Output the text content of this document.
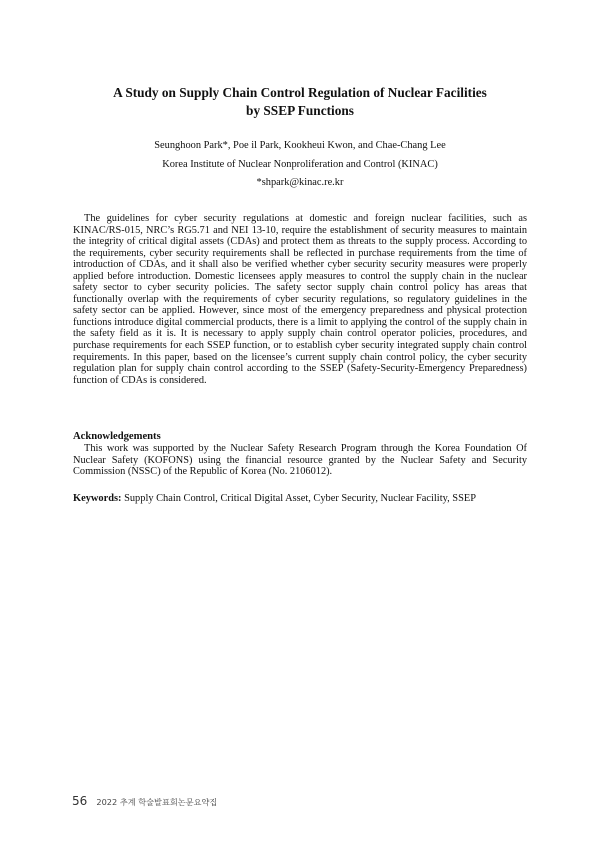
A Study on Supply Chain Control Regulation of Nuclear Facilities
by SSEP Functions
Seunghoon Park*, Poe il Park, Kookheui Kwon, and Chae-Chang Lee
Korea Institute of Nuclear Nonproliferation and Control (KINAC)
*shpark@kinac.re.kr

The guidelines for cyber security regulations at domestic and foreign nuclear facilities, such as KINAC/RS-015, NRC’s RG5.71 and NEI 13-10, require the establishment of security measures to maintain the integrity of critical digital assets (CDAs) and protect them as threats to the supply process. According to the requirements, cyber security requirements shall be reflected in purchase requirements from the time of introduction of CDAs, and it shall also be verified whether cyber security security measures were properly applied before introduction. Domestic licensees apply measures to control the supply chain in the nuclear safety sector to cyber security policies. The safety sector supply chain control policy has areas that functionally overlap with the requirements of cyber security regulations, so regulatory guidelines in the safety sector can be applied. However, since most of the emergency preparedness and physical protection functions introduce digital commercial products, there is a limit to applying the control of the supply chain in the safety field as it is. It is necessary to apply supply chain control operator policies, procedures, and purchase requirements for each SSEP function, or to establish cyber security integrated supply chain control requirements. In this paper, based on the licensee’s current supply chain control policy, the cyber security regulation plan for supply chain control according to the SSEP (Safety-Security-Emergency Preparedness) function of CDAs is considered.

Acknowledgements

This work was supported by the Nuclear Safety Research Program through the Korea Foundation Of Nuclear Safety (KOFONS) using the financial resource granted by the Nuclear Safety and Security Commission (NSSC) of the Republic of Korea (No. 2106012).

Keywords: Supply Chain Control, Critical Digital Asset, Cyber Security, Nuclear Facility, SSEP
56 2022 추계 학술발표회논문요약집
